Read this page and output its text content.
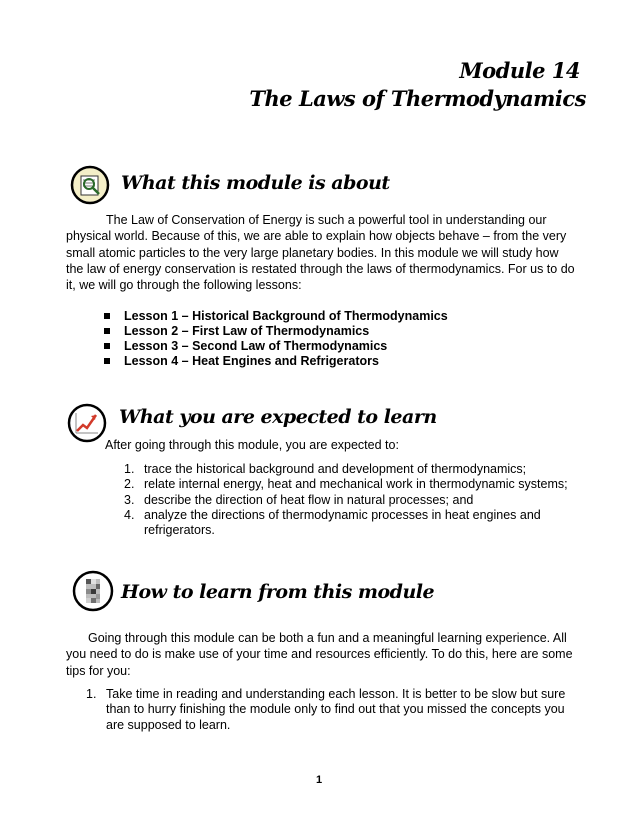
Module 14
The Laws of Thermodynamics
What this module is about
The Law of Conservation of Energy is such a powerful tool in understanding our
physical world. Because of this, we are able to explain how objects behave – from the very
small atomic particles to the very large planetary bodies. In this module we will study how
the law of energy conservation is restated through the laws of thermodynamics. For us to do
it, we will go through the following lessons:
Lesson 1 – Historical Background of Thermodynamics
Lesson 2 – First Law of Thermodynamics
Lesson 3 – Second Law of Thermodynamics
Lesson 4 – Heat Engines and Refrigerators
What you are expected to learn
After going through this module, you are expected to:
1. trace the historical background and development of thermodynamics;
2. relate internal energy, heat and mechanical work in thermodynamic systems;
3. describe the direction of heat flow in natural processes; and
4. analyze the directions of thermodynamic processes in heat engines and
refrigerators.
How to learn from this module
Going through this module can be both a fun and a meaningful learning experience. All
you need to do is make use of your time and resources efficiently. To do this, here are some
tips for you:
1. Take time in reading and understanding each lesson. It is better to be slow but sure
than to hurry finishing the module only to find out that you missed the concepts you
are supposed to learn.
1
